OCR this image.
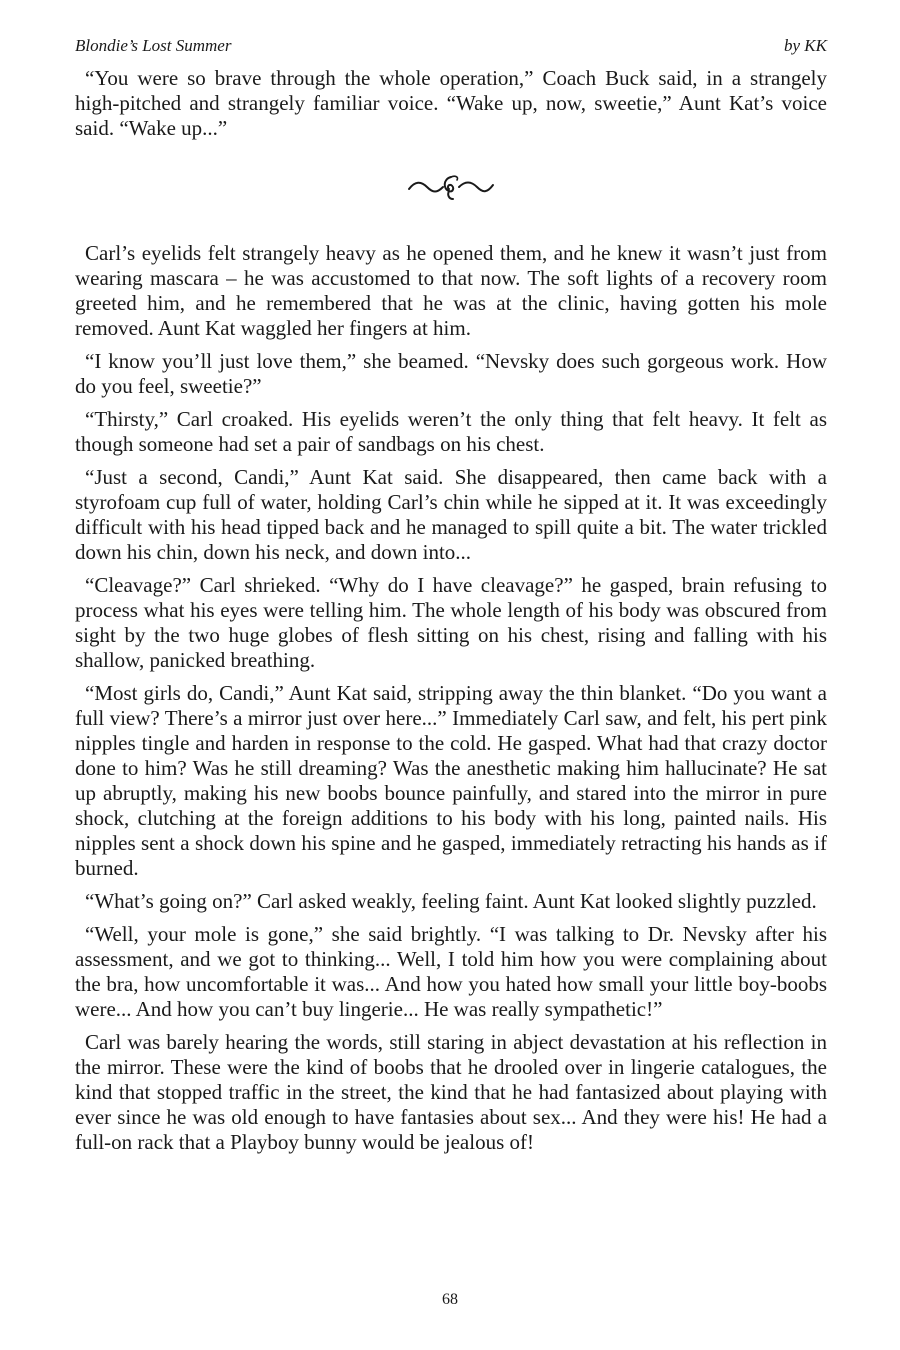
Blondie’s Lost Summer	by KK

“You were so brave through the whole operation,” Coach Buck said, in a strangely high-pitched and strangely familiar voice. “Wake up, now, sweetie,” Aunt Kat’s voice said. “Wake up...”

Carl’s eyelids felt strangely heavy as he opened them, and he knew it wasn’t just from wearing mascara – he was accustomed to that now. The soft lights of a recovery room greeted him, and he remembered that he was at the clinic, having gotten his mole removed. Aunt Kat waggled her fingers at him.

“I know you’ll just love them,” she beamed. “Nevsky does such gorgeous work. How do you feel, sweetie?”

“Thirsty,” Carl croaked. His eyelids weren’t the only thing that felt heavy. It felt as though someone had set a pair of sandbags on his chest.

“Just a second, Candi,” Aunt Kat said. She disappeared, then came back with a styrofoam cup full of water, holding Carl’s chin while he sipped at it. It was exceedingly difficult with his head tipped back and he managed to spill quite a bit. The water trickled down his chin, down his neck, and down into...

“Cleavage?” Carl shrieked. “Why do I have cleavage?” he gasped, brain refusing to process what his eyes were telling him. The whole length of his body was obscured from sight by the two huge globes of flesh sitting on his chest, rising and falling with his shallow, panicked breathing.

“Most girls do, Candi,” Aunt Kat said, stripping away the thin blanket. “Do you want a full view? There’s a mirror just over here...” Immediately Carl saw, and felt, his pert pink nipples tingle and harden in response to the cold. He gasped. What had that crazy doctor done to him? Was he still dreaming? Was the anesthetic making him hallucinate? He sat up abruptly, making his new boobs bounce painfully, and stared into the mirror in pure shock, clutching at the foreign additions to his body with his long, painted nails. His nipples sent a shock down his spine and he gasped, immediately retracting his hands as if burned.

“What’s going on?” Carl asked weakly, feeling faint. Aunt Kat looked slightly puzzled.

“Well, your mole is gone,” she said brightly. “I was talking to Dr. Nevsky after his assessment, and we got to thinking... Well, I told him how you were complaining about the bra, how uncomfortable it was... And how you hated how small your little boy-boobs were... And how you can’t buy lingerie... He was really sympathetic!”

Carl was barely hearing the words, still staring in abject devastation at his reflection in the mirror. These were the kind of boobs that he drooled over in lingerie catalogues, the kind that stopped traffic in the street, the kind that he had fantasized about playing with ever since he was old enough to have fantasies about sex... And they were his! He had a full-on rack that a Playboy bunny would be jealous of!

68
